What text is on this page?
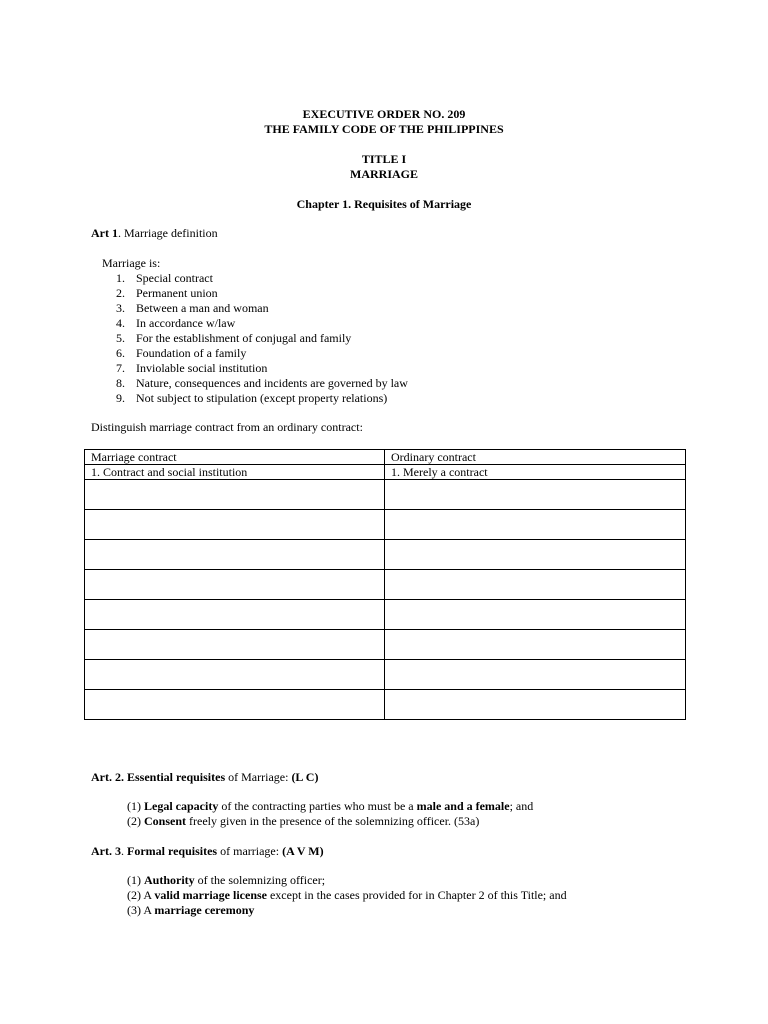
EXECUTIVE ORDER NO. 209
THE FAMILY CODE OF THE PHILIPPINES
TITLE I
MARRIAGE
Chapter 1. Requisites of Marriage
Art 1. Marriage definition
Marriage is:
1. Special contract
2. Permanent union
3. Between a man and woman
4. In accordance w/law
5. For the establishment of conjugal and family
6. Foundation of a family
7. Inviolable social institution
8. Nature, consequences and incidents are governed by law
9. Not subject to stipulation (except property relations)
Distinguish marriage contract from an ordinary contract:
Marriage contract	Ordinary contract
1. Contract and social institution	1. Merely a contract

Art. 2. Essential requisites of Marriage: (L C)
(1) Legal capacity of the contracting parties who must be a male and a female; and
(2) Consent freely given in the presence of the solemnizing officer. (53a)
Art. 3. Formal requisites of marriage: (A V M)
(1) Authority of the solemnizing officer;
(2) A valid marriage license except in the cases provided for in Chapter 2 of this Title; and
(3) A marriage ceremony
